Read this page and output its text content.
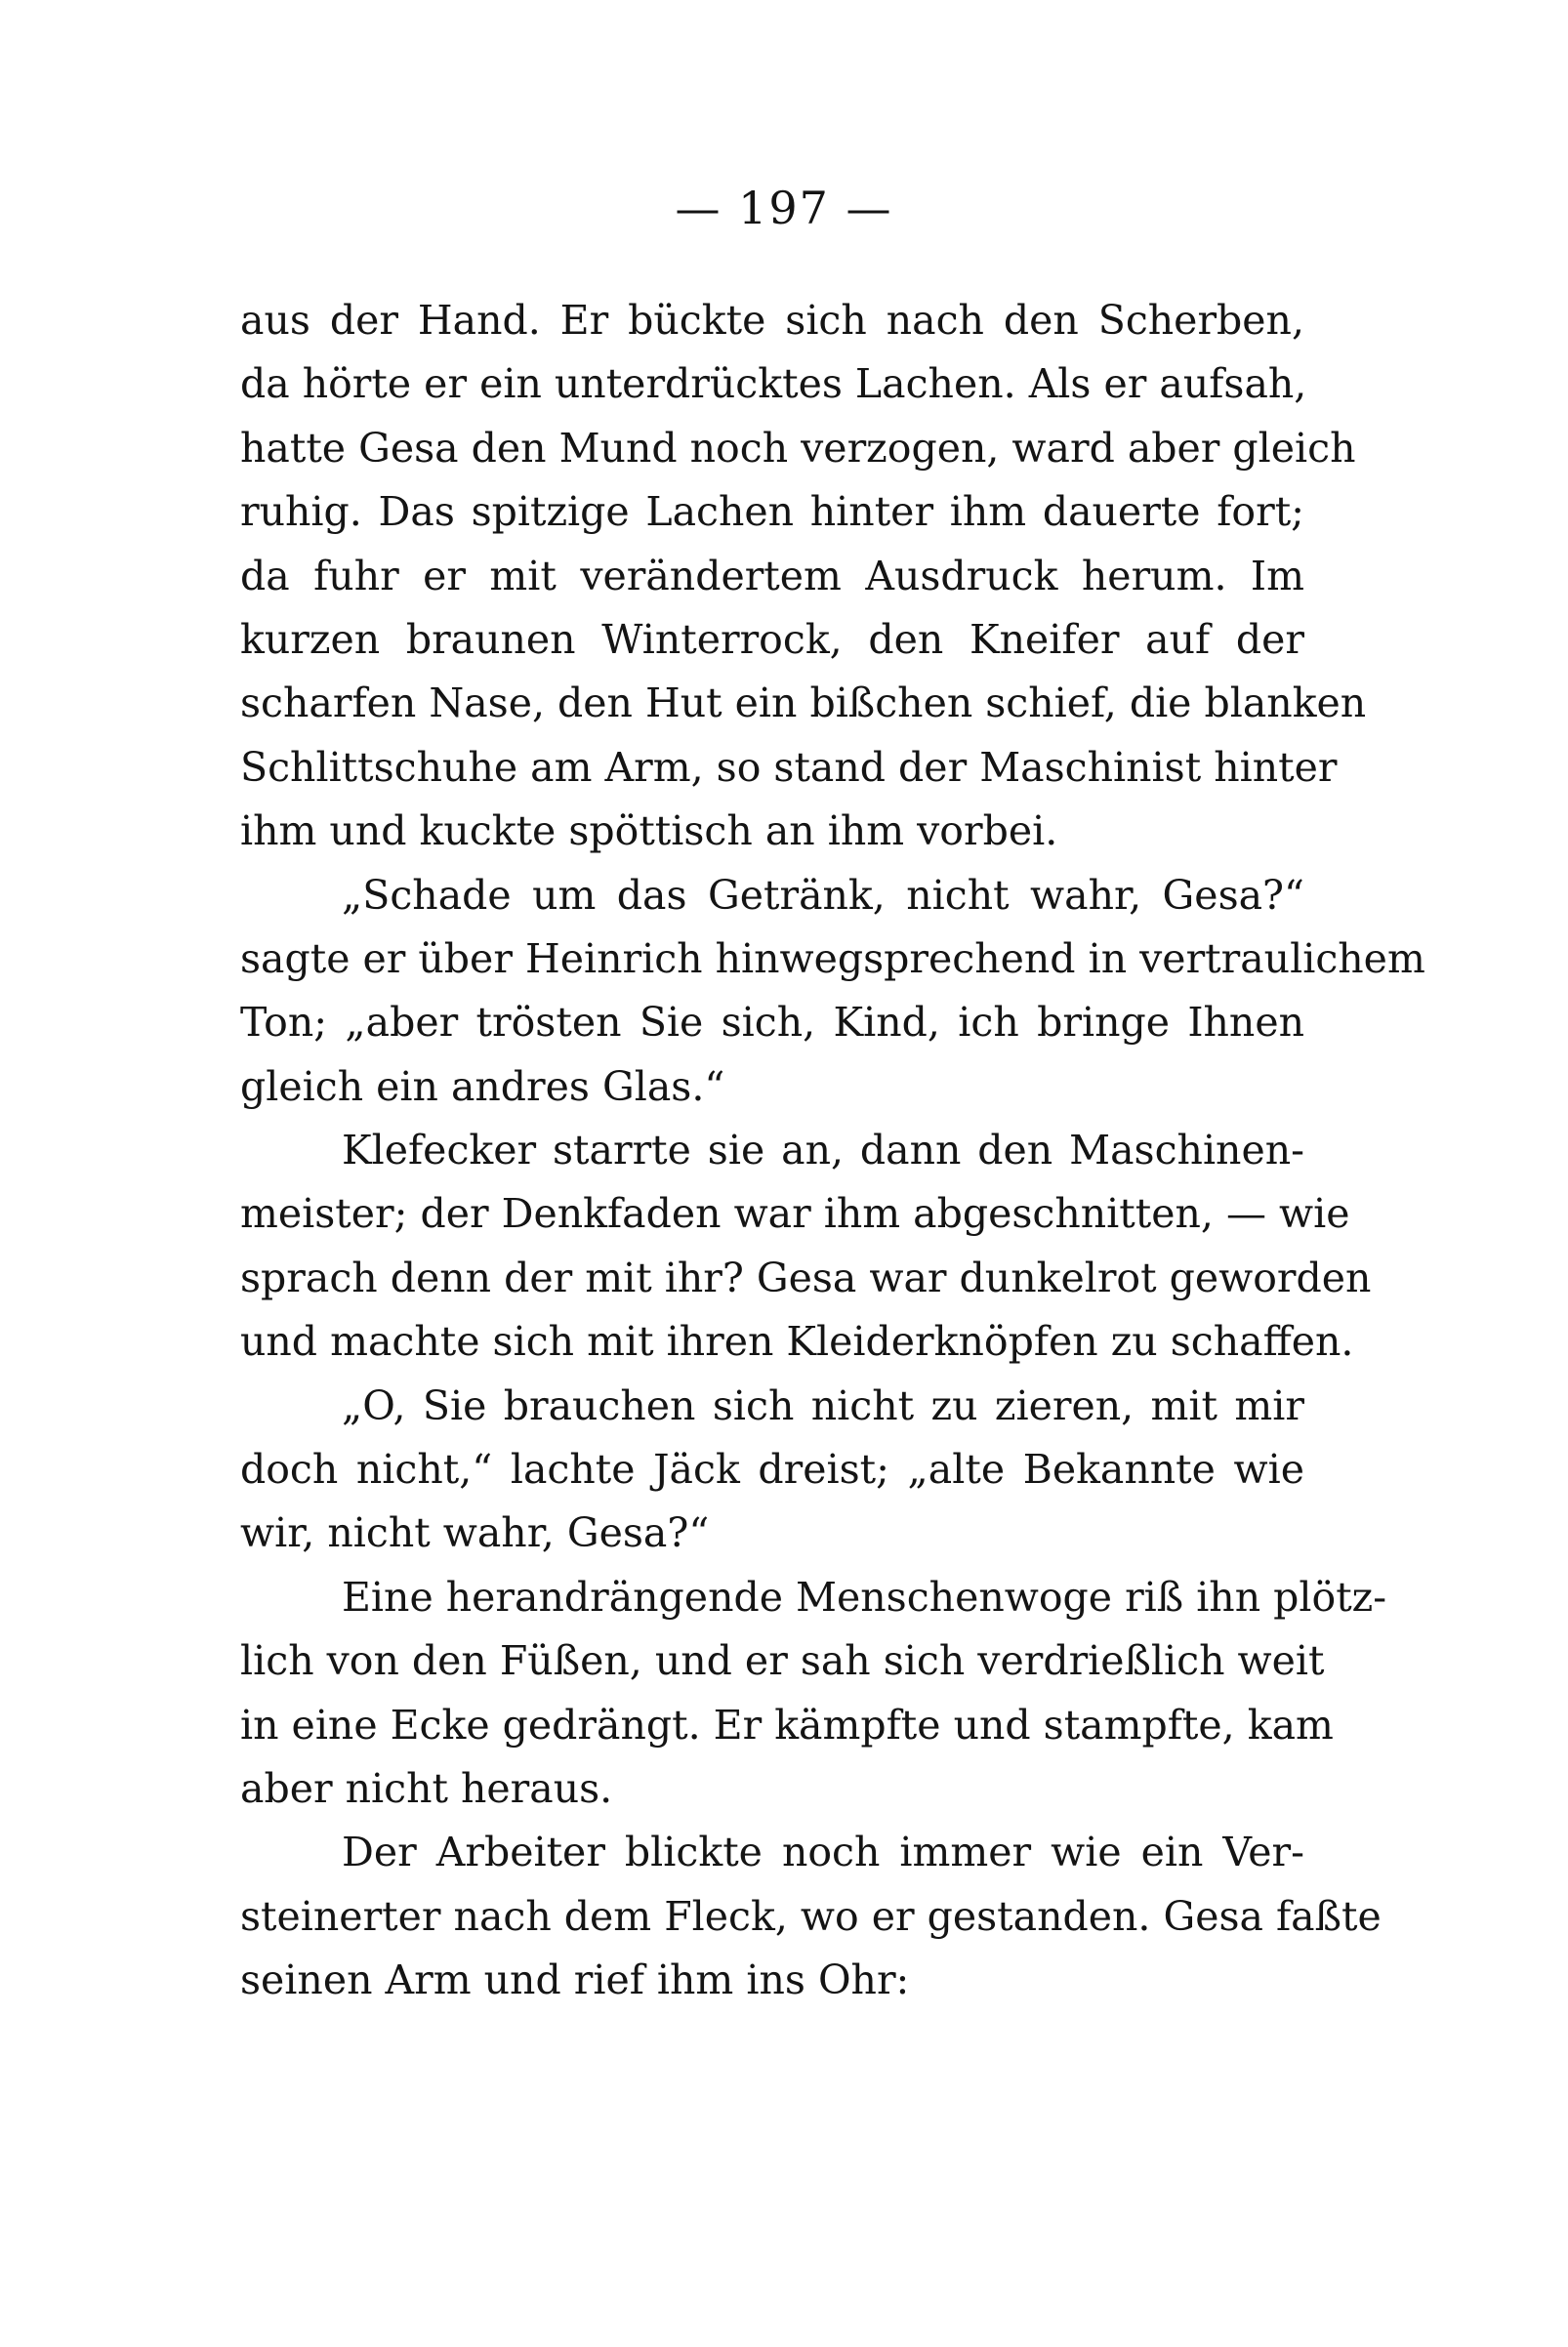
— 197 —
aus der Hand. Er bückte sich nach den Scherben,
da hörte er ein unterdrücktes Lachen. Als er aufsah,
hatte Gesa den Mund noch verzogen, ward aber gleich
ruhig. Das spitzige Lachen hinter ihm dauerte fort;
da fuhr er mit verändertem Ausdruck herum. Im
kurzen braunen Winterrock, den Kneifer auf der
scharfen Nase, den Hut ein bißchen schief, die blanken
Schlittschuhe am Arm, so stand der Maschinist hinter
ihm und kuckte spöttisch an ihm vorbei.
„Schade um das Getränk, nicht wahr, Gesa?“
sagte er über Heinrich hinwegsprechend in vertraulichem
Ton; „aber trösten Sie sich, Kind, ich bringe Ihnen
gleich ein andres Glas.“
Klefecker starrte sie an, dann den Maschinen-
meister; der Denkfaden war ihm abgeschnitten, — wie
sprach denn der mit ihr? Gesa war dunkelrot geworden
und machte sich mit ihren Kleiderknöpfen zu schaffen.
„O, Sie brauchen sich nicht zu zieren, mit mir
doch nicht,“ lachte Jäck dreist; „alte Bekannte wie
wir, nicht wahr, Gesa?“
Eine herandrängende Menschenwoge riß ihn plötz-
lich von den Füßen, und er sah sich verdrießlich weit
in eine Ecke gedrängt. Er kämpfte und stampfte, kam
aber nicht heraus.
Der Arbeiter blickte noch immer wie ein Ver-
steinerter nach dem Fleck, wo er gestanden. Gesa faßte
seinen Arm und rief ihm ins Ohr:
